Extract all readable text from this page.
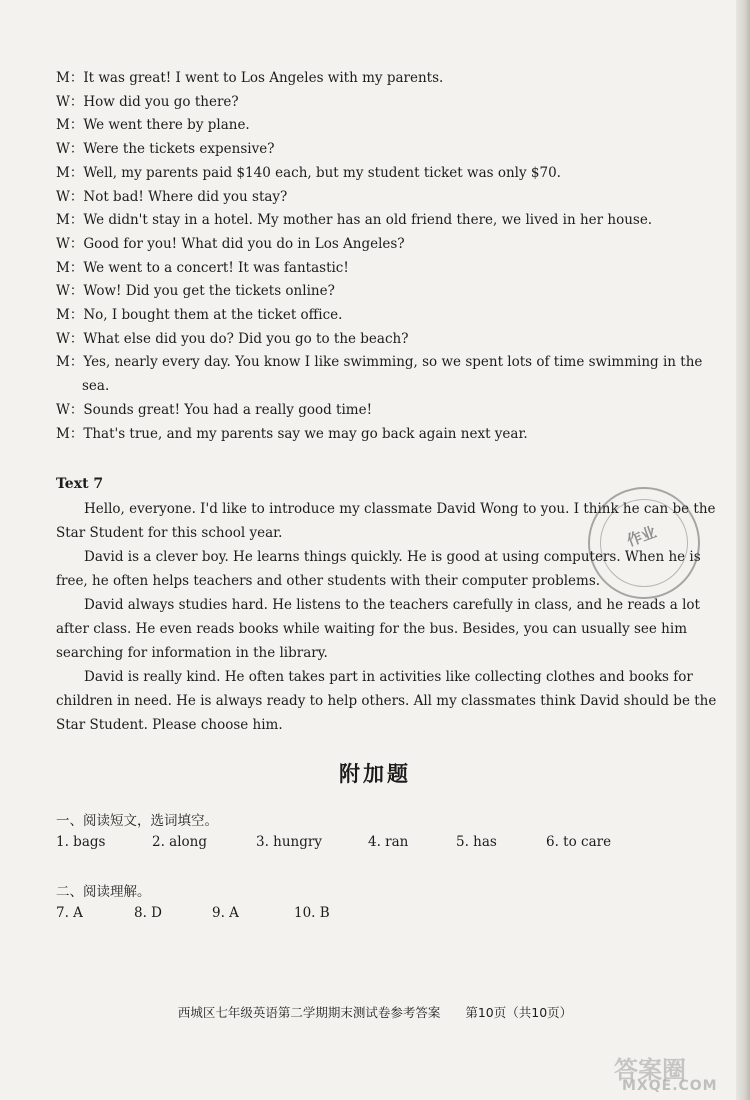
M：It was great! I went to Los Angeles with my parents.
W：How did you go there?
M：We went there by plane.
W：Were the tickets expensive?
M：Well, my parents paid $140 each, but my student ticket was only $70.
W：Not bad! Where did you stay?
M：We didn't stay in a hotel. My mother has an old friend there, we lived in her house.
W：Good for you! What did you do in Los Angeles?
M：We went to a concert! It was fantastic!
W：Wow! Did you get the tickets online?
M：No, I bought them at the ticket office.
W：What else did you do? Did you go to the beach?
M：Yes, nearly every day. You know I like swimming, so we spent lots of time swimming in the
sea.
W：Sounds great! You had a really good time!
M：That's true, and my parents say we may go back again next year.
Text 7
Hello, everyone. I'd like to introduce my classmate David Wong to you. I think he can be the
Star Student for this school year.
David is a clever boy. He learns things quickly. He is good at using computers. When he is
free, he often helps teachers and other students with their computer problems.
David always studies hard. He listens to the teachers carefully in class, and he reads a lot
after class. He even reads books while waiting for the bus. Besides, you can usually see him
searching for information in the library.
David is really kind. He often takes part in activities like collecting clothes and books for
children in need. He is always ready to help others. All my classmates think David should be the
Star Student. Please choose him.
附加题
一、阅读短文，选词填空。
1. bags	2. along	3. hungry	4. ran	5. has	6. to care
二、阅读理解。
7. A	8. D	9. A	10. B
西城区七年级英语第二学期期末测试卷参考答案　　第10页（共10页）
作业
答案圈
MXQE.COM
